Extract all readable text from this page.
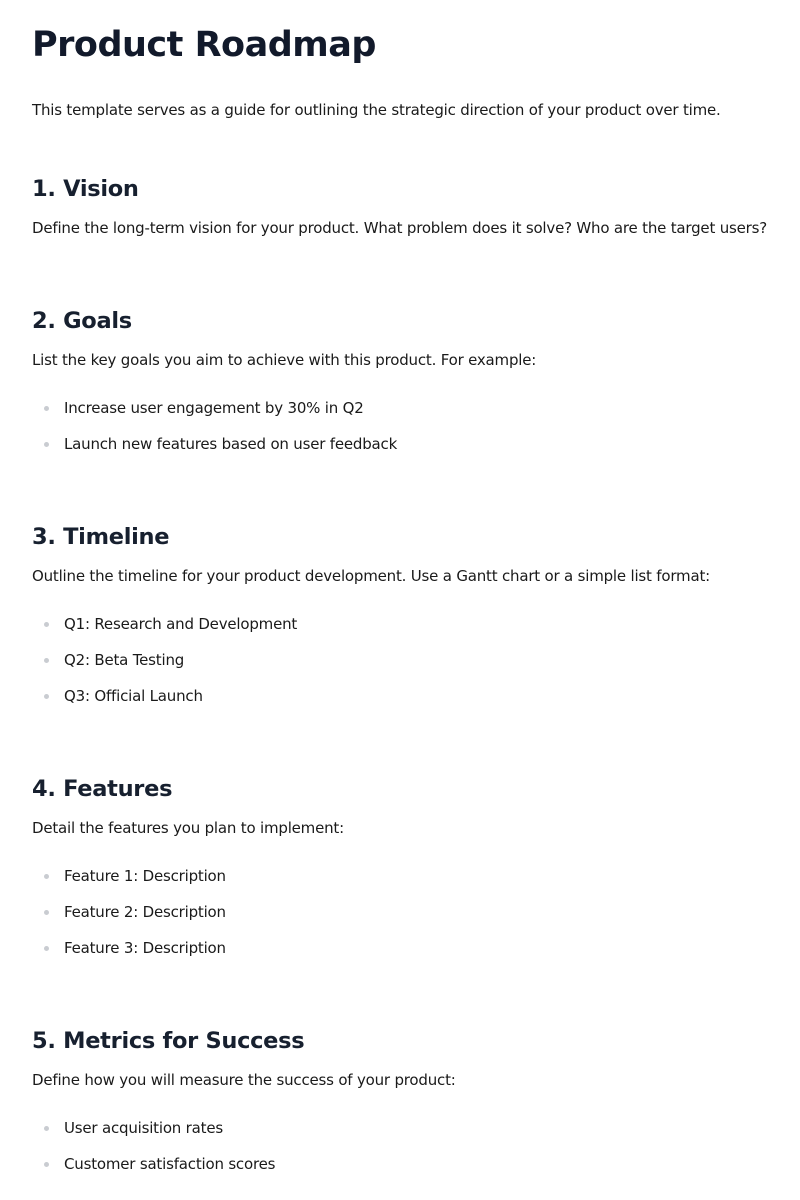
Product Roadmap
This template serves as a guide for outlining the strategic direction of your product over time.
1. Vision

Define the long-term vision for your product. What problem does it solve? Who are the target users?

2. Goals

List the key goals you aim to achieve with this product. For example:

Increase user engagement by 30% in Q2
Launch new features based on user feedback
3. Timeline

Outline the timeline for your product development. Use a Gantt chart or a simple list format:

Q1: Research and Development
Q2: Beta Testing
Q3: Official Launch
4. Features

Detail the features you plan to implement:

Feature 1: Description
Feature 2: Description
Feature 3: Description
5. Metrics for Success

Define how you will measure the success of your product:

User acquisition rates
Customer satisfaction scores
